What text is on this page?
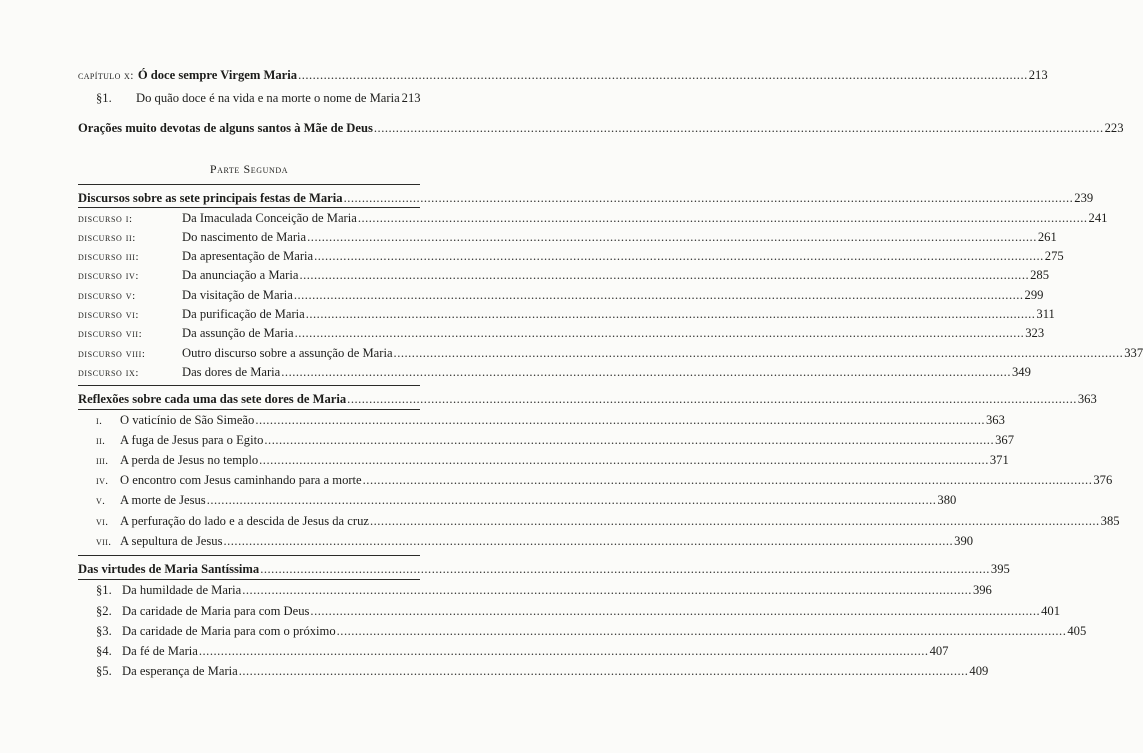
capítulo x: Ó doce sempre Virgem Maria ........................................................................................................................................................................................................ 213
§1.	Do quão doce é na vida e na morte o nome de Maria 213
Orações muito devotas de alguns santos à Mãe de Deus ........................................................................................................................................................................................................ 223
Parte Segunda
Discursos sobre as sete principais festas de Maria ........................................................................................................................................................................................................ 239
discurso i:	Da Imaculada Conceição de Maria ........................................................................................................................................................................................................ 241
discurso ii:	Do nascimento de Maria ........................................................................................................................................................................................................ 261
discurso iii:	Da apresentação de Maria ........................................................................................................................................................................................................ 275
discurso iv:	Da anunciação a Maria ........................................................................................................................................................................................................ 285
discurso v:	Da visitação de Maria ........................................................................................................................................................................................................ 299
discurso vi:	Da purificação de Maria ........................................................................................................................................................................................................ 311
discurso vii:	Da assunção de Maria ........................................................................................................................................................................................................ 323
discurso viii:	Outro discurso sobre a assunção de Maria ........................................................................................................................................................................................................ 337
discurso ix:	Das dores de Maria ........................................................................................................................................................................................................ 349
Reflexões sobre cada uma das sete dores de Maria ........................................................................................................................................................................................................ 363
i.	O vaticínio de São Simeão ........................................................................................................................................................................................................ 363
ii.	A fuga de Jesus para o Egito ........................................................................................................................................................................................................ 367
iii. A perda de Jesus no templo ........................................................................................................................................................................................................ 371
iv. O encontro com Jesus caminhando para a morte ........................................................................................................................................................................................................ 376
v.	A morte de Jesus ........................................................................................................................................................................................................ 380
vi. A perfuração do lado e a descida de Jesus da cruz ........................................................................................................................................................................................................ 385
vii. A sepultura de Jesus ........................................................................................................................................................................................................ 390
Das virtudes de Maria Santíssima ........................................................................................................................................................................................................ 395
§1. Da humildade de Maria ........................................................................................................................................................................................................ 396
§2. Da caridade de Maria para com Deus ........................................................................................................................................................................................................ 401
§3. Da caridade de Maria para com o próximo ........................................................................................................................................................................................................ 405
§4. Da fé de Maria ........................................................................................................................................................................................................ 407
§5. Da esperança de Maria ........................................................................................................................................................................................................ 409
